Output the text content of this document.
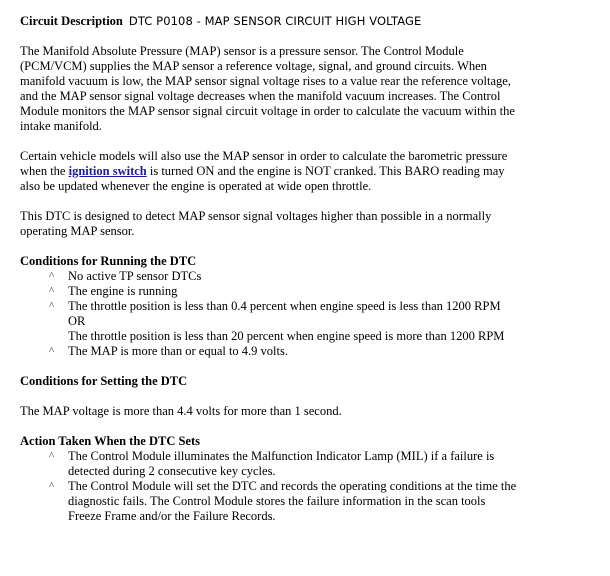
Circuit Description DTC P0108 - MAP SENSOR CIRCUIT HIGH VOLTAGE

The Manifold Absolute Pressure (MAP) sensor is a pressure sensor. The Control Module (PCM/VCM) supplies the MAP sensor a reference voltage, signal, and ground circuits. When manifold vacuum is low, the MAP sensor signal voltage rises to a value rear the reference voltage, and the MAP sensor signal voltage decreases when the manifold vacuum increases. The Control Module monitors the MAP sensor signal circuit voltage in order to calculate the vacuum within the intake manifold.

Certain vehicle models will also use the MAP sensor in order to calculate the barometric pressure when the ignition switch is turned ON and the engine is NOT cranked. This BARO reading may also be updated whenever the engine is operated at wide open throttle.

This DTC is designed to detect MAP sensor signal voltages higher than possible in a normally operating MAP sensor.

Conditions for Running the DTC
^ No active TP sensor DTCs
^ The engine is running
^ The throttle position is less than 0.4 percent when engine speed is less than 1200 RPM
OR
The throttle position is less than 20 percent when engine speed is more than 1200 RPM
^ The MAP is more than or equal to 4.9 volts.
Conditions for Setting the DTC

The MAP voltage is more than 4.4 volts for more than 1 second.

Action Taken When the DTC Sets
^ The Control Module illuminates the Malfunction Indicator Lamp (MIL) if a failure is detected during 2 consecutive key cycles.
^ The Control Module will set the DTC and records the operating conditions at the time the diagnostic fails. The Control Module stores the failure information in the scan tools Freeze Frame and/or the Failure Records.
